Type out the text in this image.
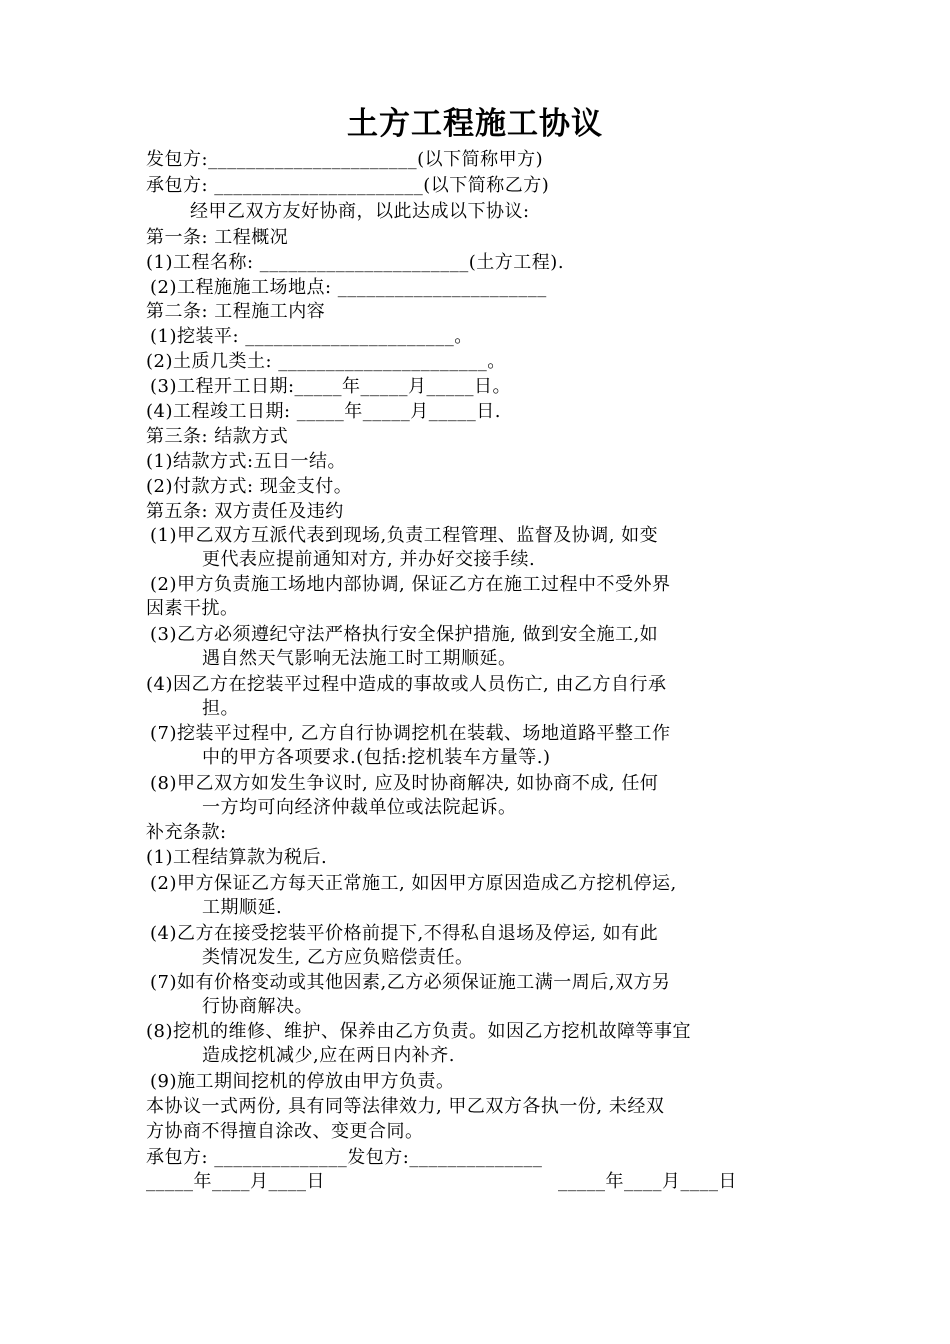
土方工程施工协议
发包方:______________________(以下简称甲方)
承包方: ______________________(以下简称乙方)
经甲乙双方友好协商，以此达成以下协议:
第一条: 工程概况
(1)工程名称: ______________________(土方工程).
(2)工程施施工场地点: ______________________
第二条: 工程施工内容
(1)挖装平: ______________________。
(2)土质几类土: ______________________。
(3)工程开工日期:_____年_____月_____日。
(4)工程竣工日期: _____年_____月_____日.
第三条: 结款方式
(1)结款方式:五日一结。
(2)付款方式: 现金支付。
第五条: 双方责任及违约
(1)甲乙双方互派代表到现场,负责工程管理、监督及协调, 如变
更代表应提前通知对方, 并办好交接手续.
(2)甲方负责施工场地内部协调, 保证乙方在施工过程中不受外界
因素干扰。
(3)乙方必须遵纪守法严格执行安全保护措施, 做到安全施工,如
遇自然天气影响无法施工时工期顺延。
(4)因乙方在挖装平过程中造成的事故或人员伤亡, 由乙方自行承
担。
(7)挖装平过程中, 乙方自行协调挖机在装载、场地道路平整工作
中的甲方各项要求.(包括:挖机装车方量等.)
(8)甲乙双方如发生争议时, 应及时协商解决, 如协商不成, 任何
一方均可向经济仲裁单位或法院起诉。
补充条款:
(1)工程结算款为税后.
(2)甲方保证乙方每天正常施工, 如因甲方原因造成乙方挖机停运,
工期顺延.
(4)乙方在接受挖装平价格前提下,不得私自退场及停运, 如有此
类情况发生, 乙方应负赔偿责任。
(7)如有价格变动或其他因素,乙方必须保证施工满一周后,双方另
行协商解决。
(8)挖机的维修、维护、保养由乙方负责。如因乙方挖机故障等事宜
造成挖机减少,应在两日内补齐.
(9)施工期间挖机的停放由甲方负责。
本协议一式两份, 具有同等法律效力, 甲乙双方各执一份, 未经双
方协商不得擅自涂改、变更合同。
承包方: ______________发包方:______________
_____年____月____日	_____年____月____日
